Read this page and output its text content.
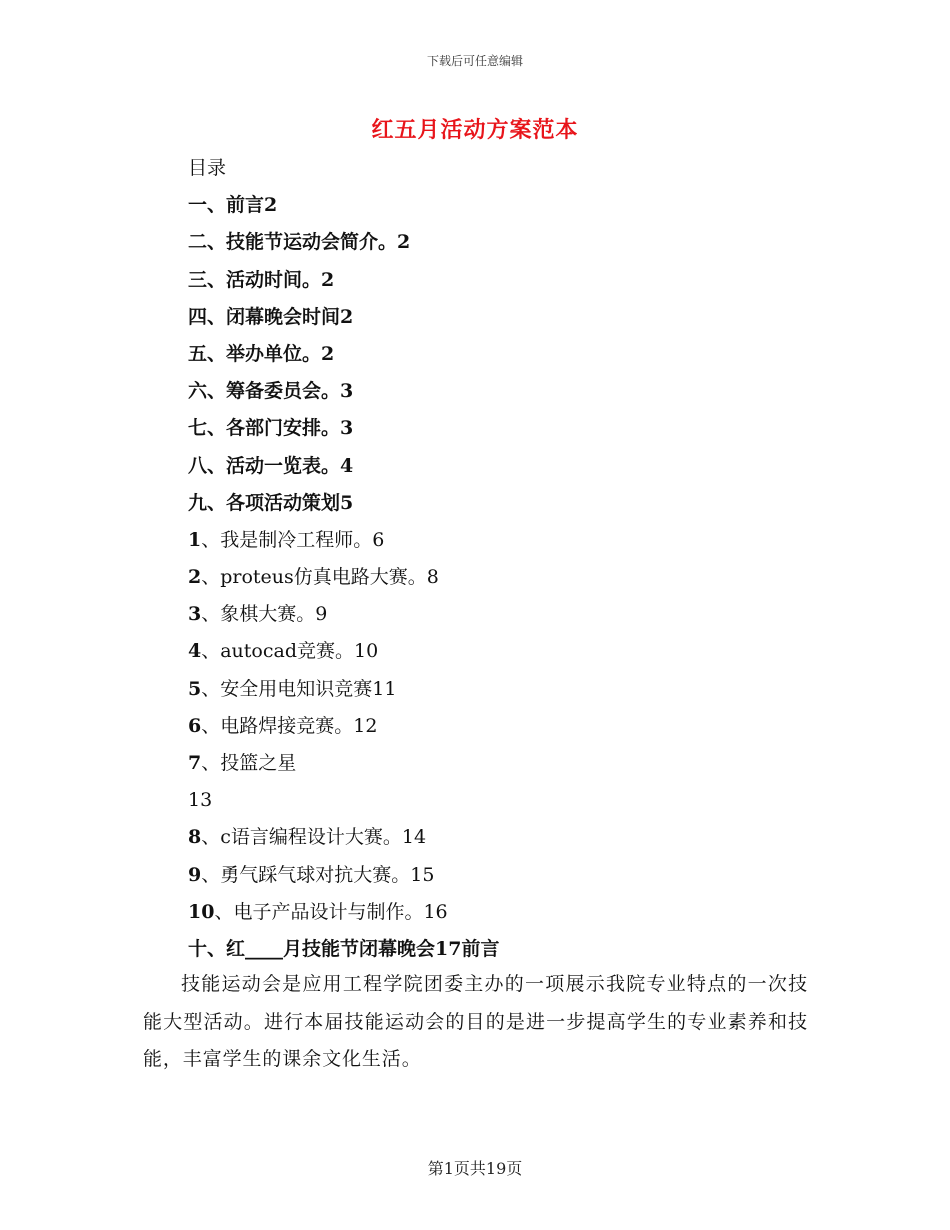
下载后可任意编辑
红五月活动方案范本
目录
一、前言2
二、技能节运动会简介。2
三、活动时间。2
四、闭幕晚会时间2
五、举办单位。2
六、筹备委员会。3
七、各部门安排。3
八、活动一览表。4
九、各项活动策划5
1、我是制冷工程师。6
2、proteus仿真电路大赛。8
3、象棋大赛。9
4、autocad竞赛。10
5、安全用电知识竞赛11
6、电路焊接竞赛。12
7、投篮之星
13
8、c语言编程设计大赛。14
9、勇气踩气球对抗大赛。15
10、电子产品设计与制作。16
十、红____月技能节闭幕晚会17前言
技能运动会是应用工程学院团委主办的一项展示我院专业特点的一次技能大型活动。进行本届技能运动会的目的是进一步提高学生的专业素养和技能，丰富学生的课余文化生活。
第1页共19页
